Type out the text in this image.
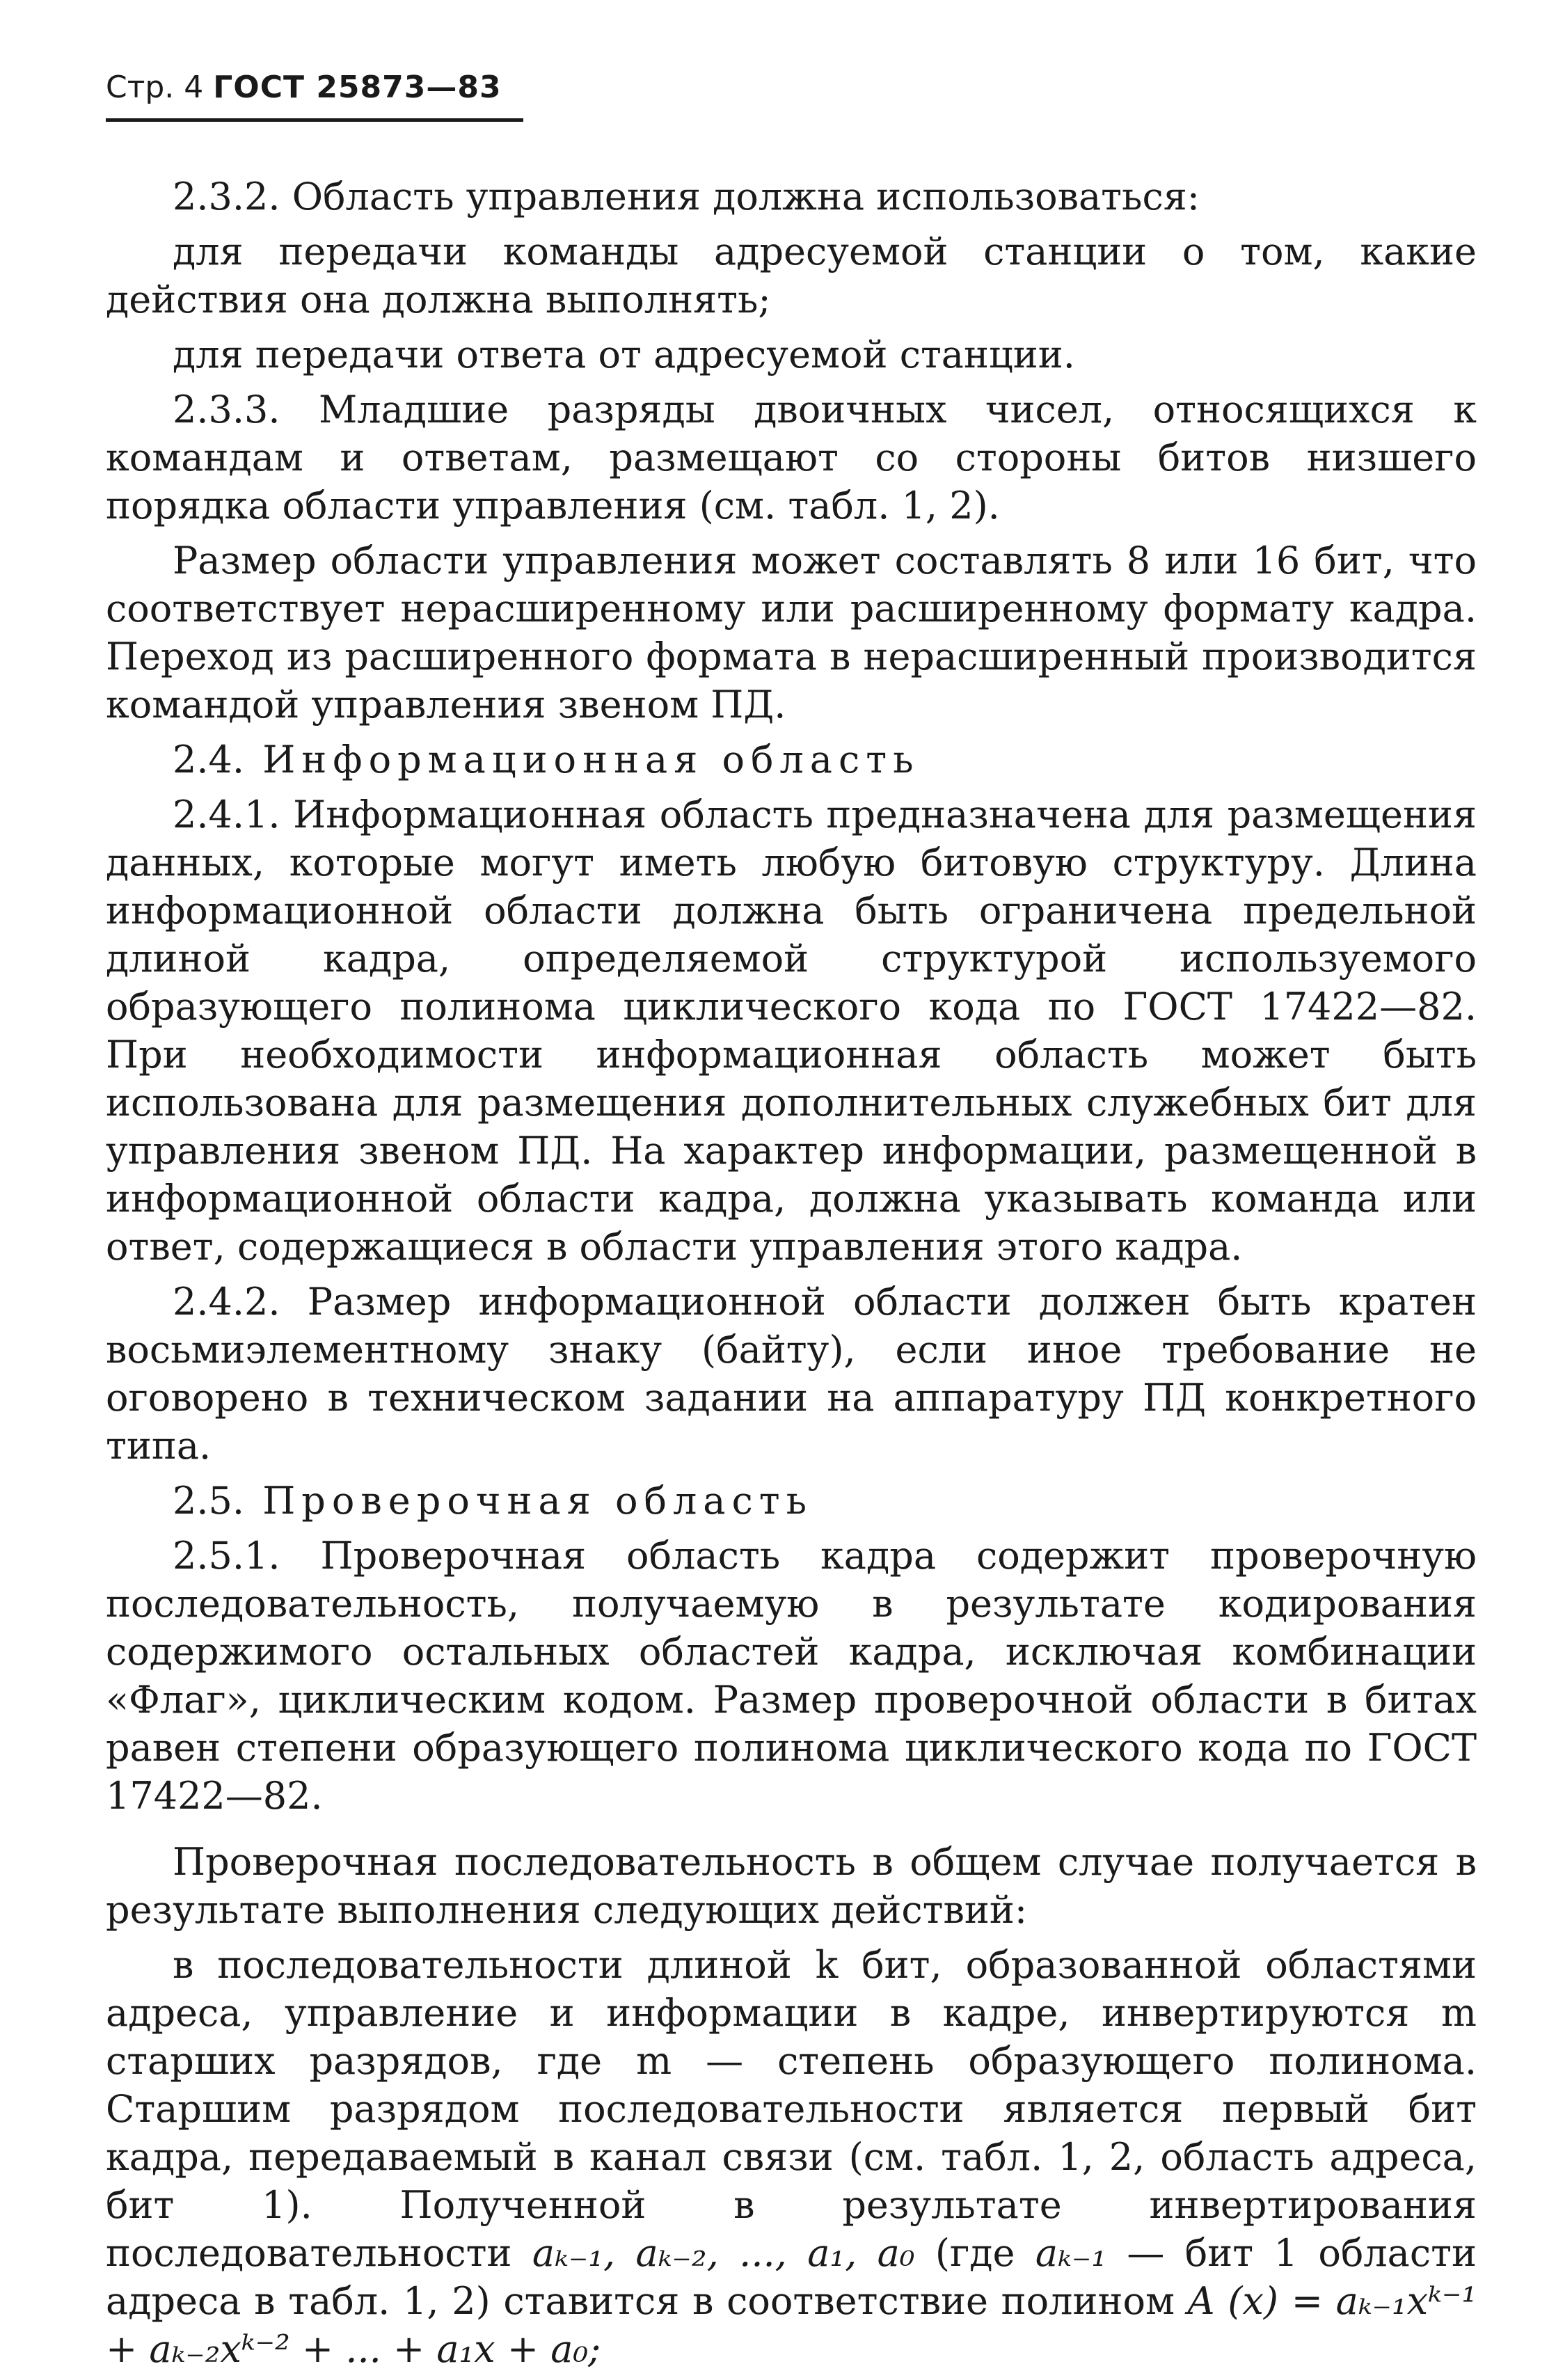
Стр. 4 ГОСТ 25873—83

2.3.2. Область управления должна использоваться:

для передачи команды адресуемой станции о том, какие действия она должна выполнять;

для передачи ответа от адресуемой станции.

2.3.3. Младшие разряды двоичных чисел, относящихся к командам и ответам, размещают со стороны битов низшего порядка области управления (см. табл. 1, 2).

Размер области управления может составлять 8 или 16 бит, что соответствует нерасширенному или расширенному формату кадра. Переход из расширенного формата в нерасширенный производится командой управления звеном ПД.

2.4. Информационная область

2.4.1. Информационная область предназначена для размещения данных, которые могут иметь любую битовую структуру. Длина информационной области должна быть ограничена предельной длиной кадра, определяемой структурой используемого образующего полинома циклического кода по ГОСТ 17422—82. При необходимости информационная область может быть использована для размещения дополнительных служебных бит для управления звеном ПД. На характер информации, размещенной в информационной области кадра, должна указывать команда или ответ, содержащиеся в области управления этого кадра.

2.4.2. Размер информационной области должен быть кратен восьмиэлементному знаку (байту), если иное требование не оговорено в техническом задании на аппаратуру ПД конкретного типа.

2.5. Проверочная область

2.5.1. Проверочная область кадра содержит проверочную последовательность, получаемую в результате кодирования содержимого остальных областей кадра, исключая комбинации «Флаг», циклическим кодом. Размер проверочной области в битах равен степени образующего полинома циклического кода по ГОСТ 17422—82.

Проверочная последовательность в общем случае получается в результате выполнения следующих действий:

в последовательности длиной k бит, образованной областями адреса, управление и информации в кадре, инвертируются m старших разрядов, где m — степень образующего полинома. Старшим разрядом последовательности является первый бит кадра, передаваемый в канал связи (см. табл. 1, 2, область адреса, бит 1). Полученной в результате инвертирования последовательности aₖ₋₁, aₖ₋₂, ..., a₁, a₀ (где aₖ₋₁ — бит 1 области адреса в табл. 1, 2) ставится в соответствие полином A (x) = aₖ₋₁xᵏ⁻¹ + aₖ₋₂xᵏ⁻² + ... + a₁x + a₀;
